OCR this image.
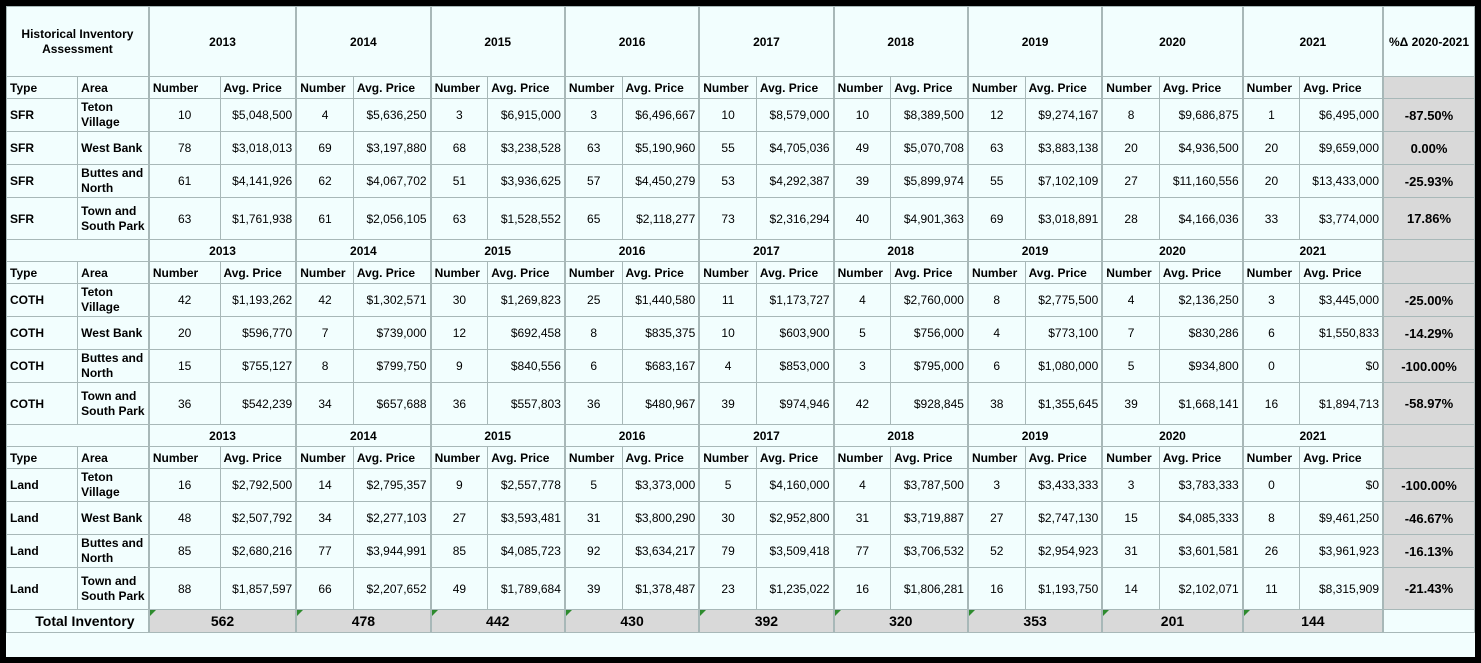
Historical Inventory Assessment		2013		2014		2015		2016		2017		2018		2019		2020		2021		%Δ 2020-2021
Type	Area	Number	Avg. Price	Number	Avg. Price	Number	Avg. Price	Number	Avg. Price	Number	Avg. Price	Number	Avg. Price	Number	Avg. Price	Number	Avg. Price	Number	Avg. Price	
SFR	Teton Village	10	$5,048,500	4	$5,636,250	3	$6,915,000	3	$6,496,667	10	$8,579,000	10	$8,389,500	12	$9,274,167	8	$9,686,875	1	$6,495,000	-87.50%
SFR	West Bank	78	$3,018,013	69	$3,197,880	68	$3,238,528	63	$5,190,960	55	$4,705,036	49	$5,070,708	63	$3,883,138	20	$4,936,500	20	$9,659,000	0.00%
SFR	Buttes and North	61	$4,141,926	62	$4,067,702	51	$3,936,625	57	$4,450,279	53	$4,292,387	39	$5,899,974	55	$7,102,109	27	$11,160,556	20	$13,433,000	-25.93%
SFR	Town and South Park	63	$1,761,938	61	$2,056,105	63	$1,528,552	65	$2,118,277	73	$2,316,294	40	$4,901,363	69	$3,018,891	28	$4,166,036	33	$3,774,000	17.86%
		2013		2014		2015		2016		2017		2018		2019		2020		2021		
Type	Area	Number	Avg. Price	Number	Avg. Price	Number	Avg. Price	Number	Avg. Price	Number	Avg. Price	Number	Avg. Price	Number	Avg. Price	Number	Avg. Price	Number	Avg. Price	
COTH	Teton Village	42	$1,193,262	42	$1,302,571	30	$1,269,823	25	$1,440,580	11	$1,173,727	4	$2,760,000	8	$2,775,500	4	$2,136,250	3	$3,445,000	-25.00%
COTH	West Bank	20	$596,770	7	$739,000	12	$692,458	8	$835,375	10	$603,900	5	$756,000	4	$773,100	7	$830,286	6	$1,550,833	-14.29%
COTH	Buttes and North	15	$755,127	8	$799,750	9	$840,556	6	$683,167	4	$853,000	3	$795,000	6	$1,080,000	5	$934,800	0	$0	-100.00%
COTH	Town and South Park	36	$542,239	34	$657,688	36	$557,803	36	$480,967	39	$974,946	42	$928,845	38	$1,355,645	39	$1,668,141	16	$1,894,713	-58.97%
		2013		2014		2015		2016		2017		2018		2019		2020		2021		
Type	Area	Number	Avg. Price	Number	Avg. Price	Number	Avg. Price	Number	Avg. Price	Number	Avg. Price	Number	Avg. Price	Number	Avg. Price	Number	Avg. Price	Number	Avg. Price	
Land	Teton Village	16	$2,792,500	14	$2,795,357	9	$2,557,778	5	$3,373,000	5	$4,160,000	4	$3,787,500	3	$3,433,333	3	$3,783,333	0	$0	-100.00%
Land	West Bank	48	$2,507,792	34	$2,277,103	27	$3,593,481	31	$3,800,290	30	$2,952,800	31	$3,719,887	27	$2,747,130	15	$4,085,333	8	$9,461,250	-46.67%
Land	Buttes and North	85	$2,680,216	77	$3,944,991	85	$4,085,723	92	$3,634,217	79	$3,509,418	77	$3,706,532	52	$2,954,923	31	$3,601,581	26	$3,961,923	-16.13%
Land	Town and South Park	88	$1,857,597	66	$2,207,652	49	$1,789,684	39	$1,378,487	23	$1,235,022	16	$1,806,281	16	$1,193,750	14	$2,102,071	11	$8,315,909	-21.43%
Total Inventory		562		478		442		430		392		320		353		201		144		
